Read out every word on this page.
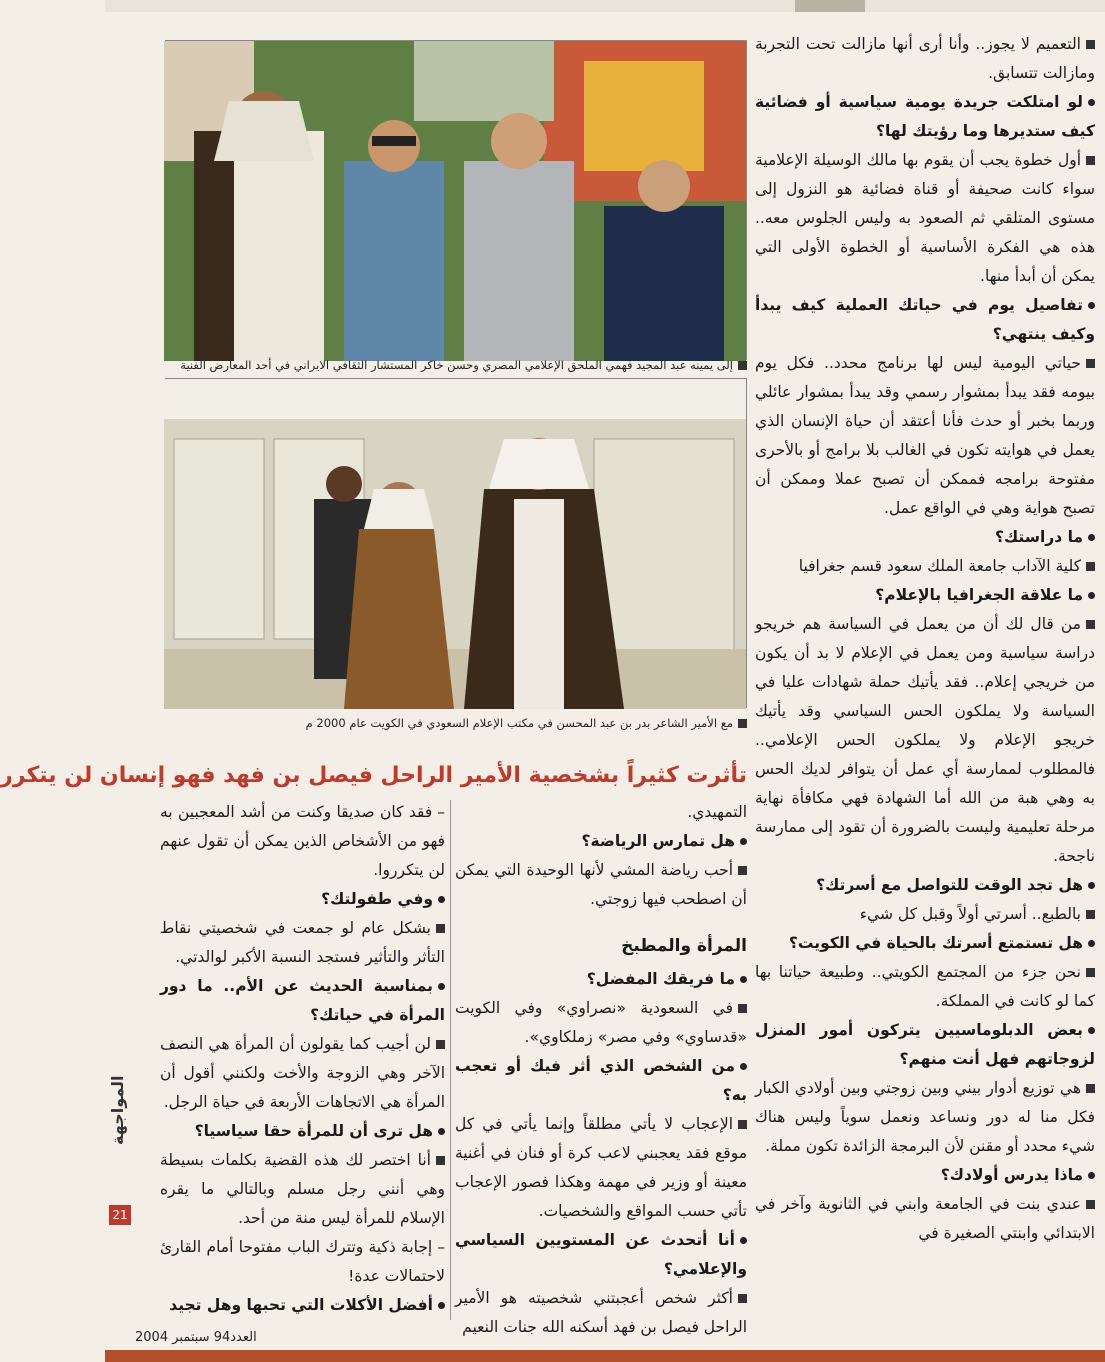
التعميم لا يجوز.. وأنا أرى أنها مازالت تحت التجربة ومازالت تتسابق.

لو امتلكت جريدة يومية سياسية أو فضائية كيف ستديرها وما رؤيتك لها؟

أول خطوة يجب أن يقوم بها مالك الوسيلة الإعلامية سواء كانت صحيفة أو قناة فضائية هو النزول إلى مستوى المتلقي ثم الصعود به وليس الجلوس معه.. هذه هي الفكرة الأساسية أو الخطوة الأولى التي يمكن أن أبدأ منها.

تفاصيل يوم في حياتك العملية كيف يبدأ وكيف ينتهي؟

حياتي اليومية ليس لها برنامج محدد.. فكل يوم بيومه فقد يبدأ بمشوار رسمي وقد يبدأ بمشوار عائلي وربما بخبر أو حدث فأنا أعتقد أن حياة الإنسان الذي يعمل في هوايته تكون في الغالب بلا برامج أو بالأحرى مفتوحة برامجه فممكن أن تصبح عملا وممكن أن تصبح هواية وهي في الواقع عمل.

ما دراستك؟

كلية الآداب جامعة الملك سعود قسم جغرافيا

ما علاقة الجغرافيا بالإعلام؟

من قال لك أن من يعمل في السياسة هم خريجو دراسة سياسية ومن يعمل في الإعلام لا بد أن يكون من خريجي إعلام.. فقد يأتيك حملة شهادات عليا في السياسة ولا يملكون الحس السياسي وقد يأتيك خريجو الإعلام ولا يملكون الحس الإعلامي.. فالمطلوب لممارسة أي عمل أن يتوافر لديك الحس به وهي هبة من الله أما الشهادة فهي مكافأة نهاية مرحلة تعليمية وليست بالضرورة أن تقود إلى ممارسة ناجحة.

هل تجد الوقت للتواصل مع أسرتك؟

بالطبع.. أسرتي أولاً وقبل كل شيء

هل تستمتع أسرتك بالحياة في الكويت؟

نحن جزء من المجتمع الكويتي.. وطبيعة حياتنا بها كما لو كانت في المملكة.

بعض الدبلوماسيين يتركون أمور المنزل لزوجاتهم فهل أنت منهم؟

هي توزيع أدوار بيني وبين زوجتي وبين أولادي الكبار فكل منا له دور ونساعد ونعمل سوياً وليس هناك شيء محدد أو مقنن لأن البرمجة الزائدة تكون مملة.

ماذا يدرس أولادك؟

عندي بنت في الجامعة وابني في الثانوية وآخر في الابتدائي وابنتي الصغيرة في

إلى يمينه عبد المجيد فهمي الملحق الإعلامي المصري وحسن خاكر المستشار الثقافي الايراني في أحد المعارض الفنية
مع الأمير الشاعر بدر بن عبد المحسن في مكتب الإعلام السعودي في الكويت عام 2000 م
تأثرت كثيراً بشخصية الأمير الراحل فيصل بن فهد فهو إنسان لن يتكرر

التمهيدي.

هل تمارس الرياضة؟

أحب رياضة المشي لأنها الوحيدة التي يمكن أن اصطحب فيها زوجتي.

المرأة والمطبخ

ما فريقك المفضل؟

في السعودية «نصراوي» وفي الكويت «قدساوي» وفي مصر» زملكاوي».

من الشخص الذي أثر فيك أو تعجب به؟

الإعجاب لا يأتي مطلقاً وإنما يأتي في كل موقع فقد يعجبني لاعب كرة أو فنان في أغنية معينة أو وزير في مهمة وهكذا فصور الإعجاب تأتي حسب المواقع والشخصيات.

أنا أتحدث عن المستويين السياسي والإعلامي؟

أكثر شخص أعجبتني شخصيته هو الأمير الراحل فيصل بن فهد أسكنه الله جنات النعيم

–فقد كان صديقا وكنت من أشد المعجبين به فهو من الأشخاص الذين يمكن أن تقول عنهم لن يتكرروا.

وفي طفولتك؟

بشكل عام لو جمعت في شخصيتي نقاط التأثر والتأثير فستجد النسبة الأكبر لوالدتي.

بمناسبة الحديث عن الأم.. ما دور المرأة في حياتك؟

لن أجيب كما يقولون أن المرأة هي النصف الآخر وهي الزوجة والأخت ولكنني أقول أن المرأة هي الاتجاهات الأربعة في حياة الرجل.

هل ترى أن للمرأة حقا سياسيا؟

أنا اختصر لك هذه القضية بكلمات بسيطة وهي أنني رجل مسلم وبالتالي ما يقره الإسلام للمرأة ليس منة من أحد.

–إجابة ذكية وتترك الباب مفتوحا أمام القارئ لاحتمالات عدة!

أفضل الأكلات التي تحبها وهل تجيد

المواجهة
21
العدد94 سبتمبر 2004
